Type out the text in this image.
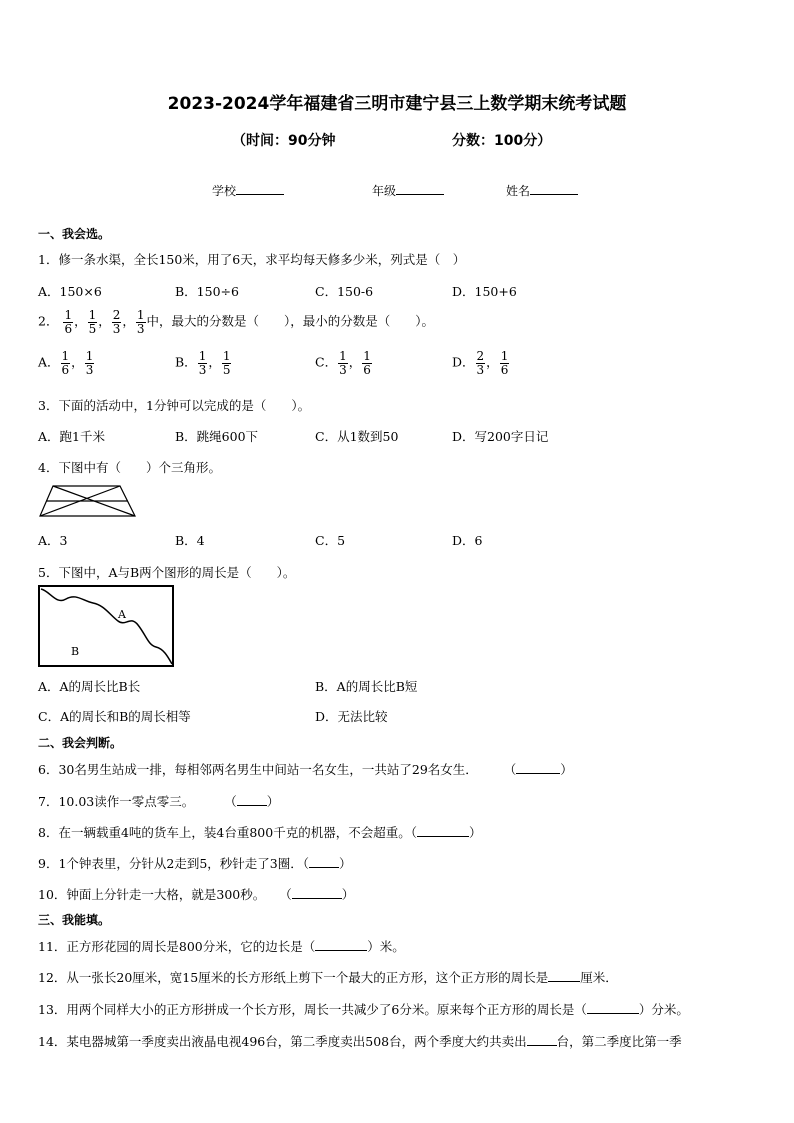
2023-2024学年福建省三明市建宁县三上数学期末统考试题
（时间：90分钟	分数：100分）
学校	年级	姓名
一、我会选。
1．修一条水渠，全长150米，用了6天，求平均每天修多少米，列式是（　）
A．150×6	B．150÷6	C．150-6	D．150+6
2． $\frac{1}{6}$ ， $\frac{1}{5}$ ， $\frac{2}{3}$ ， $\frac{1}{3}$ 中，最大的分数是（　　），最小的分数是（　　）。
A． $\frac{1}{6}$ ， $\frac{1}{3}$	B． $\frac{1}{3}$ ， $\frac{1}{5}$	C． $\frac{1}{3}$ ， $\frac{1}{6}$	D． $\frac{2}{3}$ ， $\frac{1}{6}$
3．下面的活动中，1分钟可以完成的是（　　）。
A．跑1千米	B．跳绳600下	C．从1数到50	D．写200字日记
4．下图中有（　　）个三角形。
A．3	B．4	C．5	D．6
5．下图中，A与B两个图形的周长是（　　）。
A
B
A．A的周长比B长	B．A的周长比B短
C．A的周长和B的周长相等	D．无法比较
二、我会判断。
6．30名男生站成一排，每相邻两名男生中间站一名女生，一共站了29名女生． （	）
7．10.03读作一零点零三。 （ ）
8．在一辆载重4吨的货车上，装4台重800千克的机器，不会超重。（	）
9．1个钟表里，分针从2走到5，秒针走了3圈．（ ）
10．钟面上分针走一大格，就是300秒。 （	）
三、我能填。
11．正方形花园的周长是800分米，它的边长是（	）米。
12．从一张长20厘米，宽15厘米的长方形纸上剪下一个最大的正方形，这个正方形的周长是	厘米．
13．用两个同样大小的正方形拼成一个长方形，周长一共减少了6分米。原来每个正方形的周长是（	）分米。
14．某电器城第一季度卖出液晶电视496台，第二季度卖出508台，两个季度大约共卖出 台，第二季度比第一季
